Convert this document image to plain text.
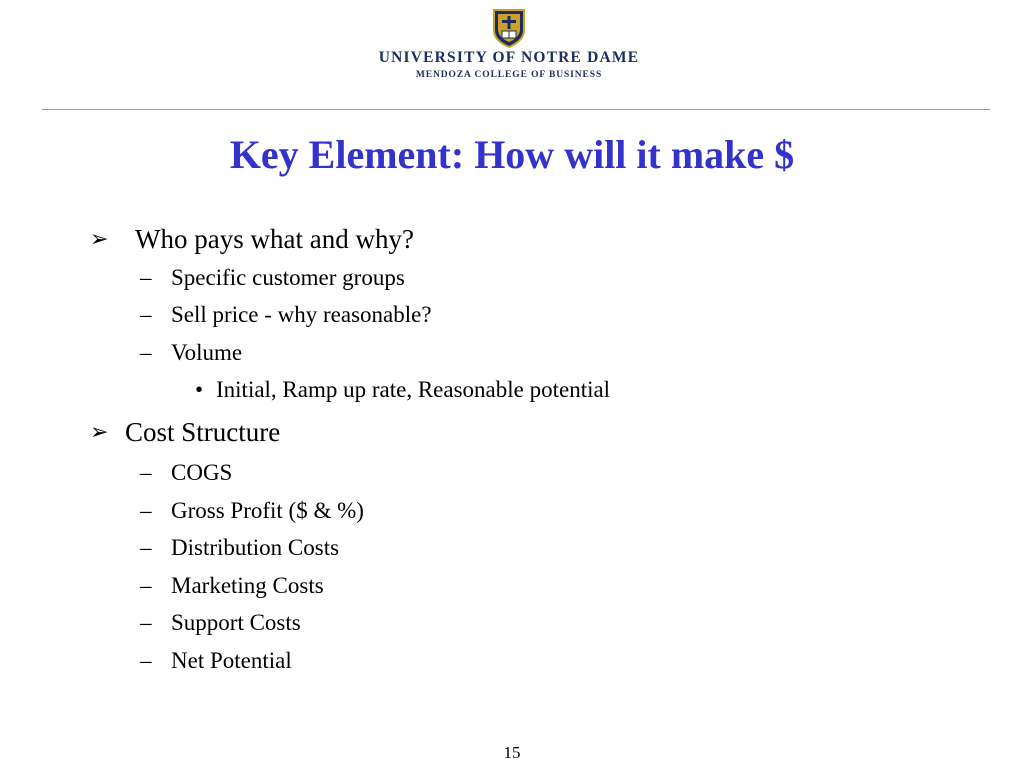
UNIVERSITY OF NOTRE DAME
MENDOZA COLLEGE OF BUSINESS
Key Element: How will it make $
➢ Who pays what and why?
– Specific customer groups
– Sell price - why reasonable?
– Volume
• Initial, Ramp up rate, Reasonable potential
➢ Cost Structure
– COGS
– Gross Profit ($ & %)
– Distribution Costs
– Marketing Costs
– Support Costs
– Net Potential
15
